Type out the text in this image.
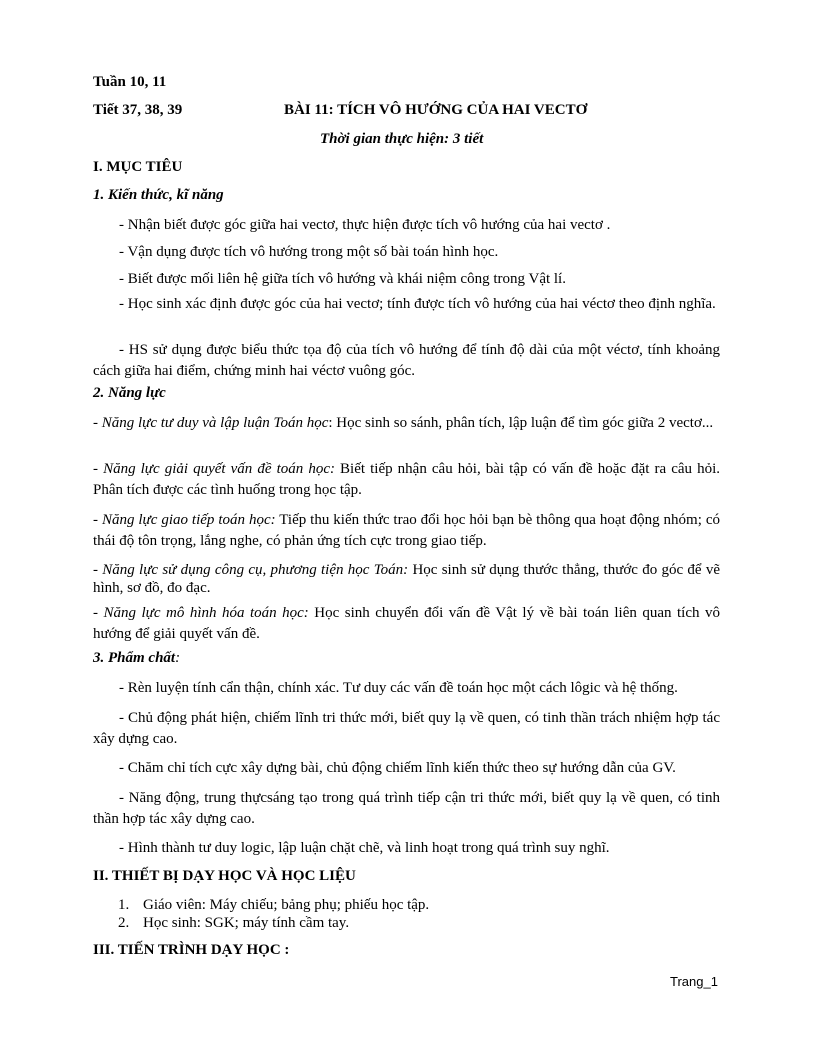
Tuần 10, 11
Tiết 37, 38, 39	BÀI 11: TÍCH VÔ HƯỚNG CỦA HAI VECTƠ
Thời gian thực hiện: 3 tiết
I. MỤC TIÊU
1. Kiến thức, kĩ năng
- Nhận biết được góc giữa hai vectơ, thực hiện được tích vô hướng của hai vectơ .
- Vận dụng được tích vô hướng trong một số bài toán hình học.
- Biết được mối liên hệ giữa tích vô hướng và khái niệm công trong Vật lí.
- Học sinh xác định được góc của hai vectơ; tính được tích vô hướng của hai véctơ theo định nghĩa.
- HS sử dụng được biểu thức tọa độ của tích vô hướng để tính độ dài của một véctơ, tính khoảng cách giữa hai điểm, chứng minh hai véctơ vuông góc.
2. Năng lực
- Năng lực tư duy và lập luận Toán học: Học sinh so sánh, phân tích, lập luận để tìm góc giữa 2 vectơ...
- Năng lực giải quyết vấn đề toán học: Biết tiếp nhận câu hỏi, bài tập có vấn đề hoặc đặt ra câu hỏi. Phân tích được các tình huống trong học tập.
- Năng lực giao tiếp toán học: Tiếp thu kiến thức trao đổi học hỏi bạn bè thông qua hoạt động nhóm; có thái độ tôn trọng, lắng nghe, có phản ứng tích cực trong giao tiếp.
- Năng lực sử dụng công cụ, phương tiện học Toán: Học sinh sử dụng thước thẳng, thước đo góc để vẽ hình, sơ đồ, đo đạc.
- Năng lực mô hình hóa toán học: Học sinh chuyển đổi vấn đề Vật lý về bài toán liên quan tích vô hướng để giải quyết vấn đề.
3. Phẩm chất:
- Rèn luyện tính cẩn thận, chính xác. Tư duy các vấn đề toán học một cách lôgic và hệ thống.
- Chủ động phát hiện, chiếm lĩnh tri thức mới, biết quy lạ về quen, có tinh thần trách nhiệm hợp tác xây dựng cao.
- Chăm chỉ tích cực xây dựng bài, chủ động chiếm lĩnh kiến thức theo sự hướng dẫn của GV.
- Năng động, trung thựcsáng tạo trong quá trình tiếp cận tri thức mới, biết quy lạ về quen, có tinh thần hợp tác xây dựng cao.
- Hình thành tư duy logic, lập luận chặt chẽ, và linh hoạt trong quá trình suy nghĩ.
II. THIẾT BỊ DẠY HỌC VÀ HỌC LIỆU
1. Giáo viên: Máy chiếu; bảng phụ; phiếu học tập.
2. Học sinh: SGK; máy tính cầm tay.
III. TIẾN TRÌNH DẠY HỌC :
Trang_1
